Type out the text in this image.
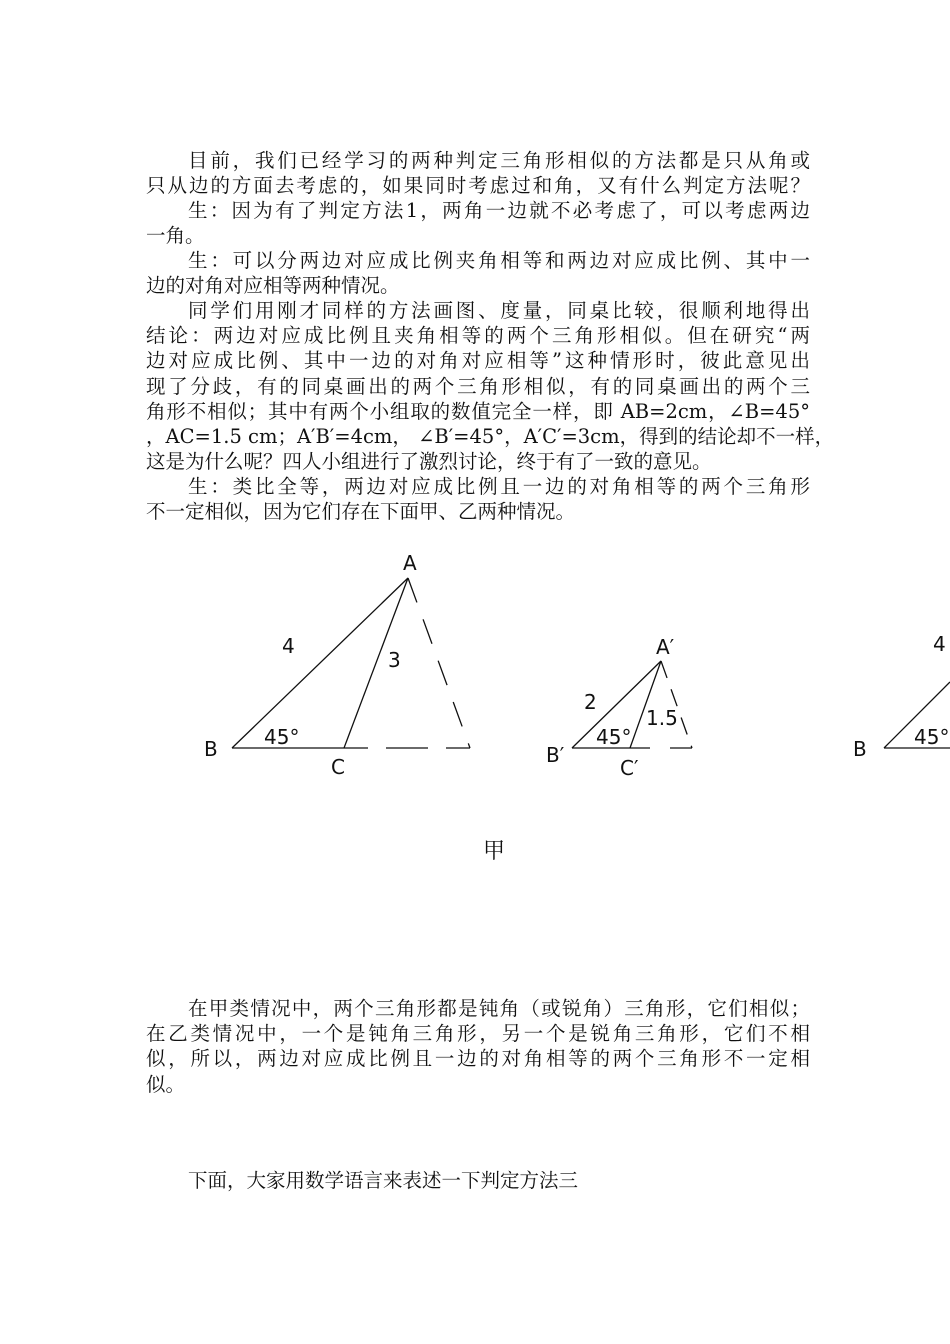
目前，我们已经学习的两种判定三角形相似的方法都是只从角或
只从边的方面去考虑的，如果同时考虑过和角，又有什么判定方法呢？
生：因为有了判定方法1，两角一边就不必考虑了，可以考虑两边
一角。
生：可以分两边对应成比例夹角相等和两边对应成比例、其中一
边的对角对应相等两种情况。
同学们用刚才同样的方法画图、度量，同桌比较，很顺利地得出
结论：两边对应成比例且夹角相等的两个三角形相似。但在研究“两
边对应成比例、其中一边的对角对应相等”这种情形时，彼此意见出
现了分歧，有的同桌画出的两个三角形相似，有的同桌画出的两个三
角形不相似；其中有两个小组取的数值完全一样，即 AB=2cm，∠B=45°
，AC=1.5 cm；A′B′=4cm， ∠B′=45°，A′C′=3cm，得到的结论却不一样，
这是为什么呢？四人小组进行了激烈讨论，终于有了一致的意见。
生：类比全等，两边对应成比例且一边的对角相等的两个三角形
不一定相似，因为它们存在下面甲、乙两种情况。
A
B
C
4
3
45°
A′
B′
C′
2
1.5
45°	B
4
45°
甲
在甲类情况中，两个三角形都是钝角（或锐角）三角形，它们相似；
在乙类情况中，一个是钝角三角形，另一个是锐角三角形，它们不相
似，所以，两边对应成比例且一边的对角相等的两个三角形不一定相
似。
下面，大家用数学语言来表述一下判定方法三
